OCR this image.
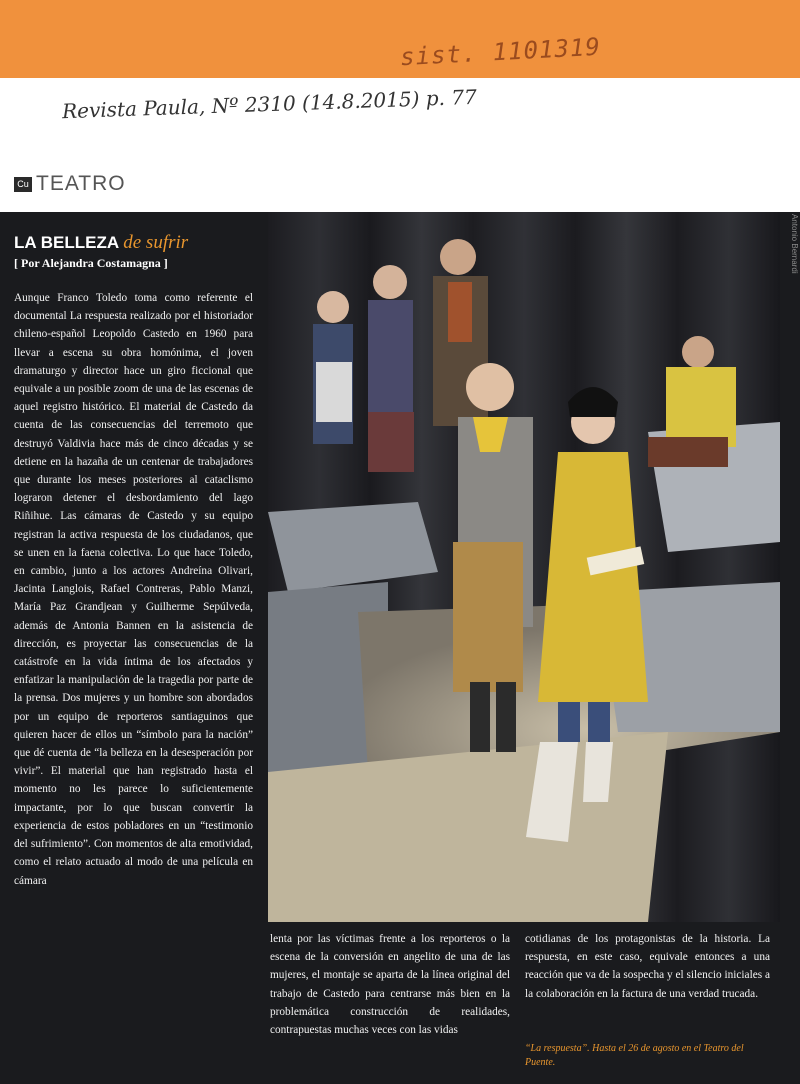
sist. 1101319
Revista Paula, Nº 2310 (14.8.2015) p. 77
Cu TEATRO
Antonio Bernardi
LA BELLEZA de sufrir
[ Por Alejandra Costamagna ]
Aunque Franco Toledo toma como referente el documental La respuesta realizado por el historiador chileno-español Leopoldo Castedo en 1960 para llevar a escena su obra homónima, el joven dramaturgo y director hace un giro ficcional que equivale a un posible zoom de una de las escenas de aquel registro histórico. El material de Castedo da cuenta de las consecuencias del terremoto que destruyó Valdivia hace más de cinco décadas y se detiene en la hazaña de un centenar de trabajadores que durante los meses posteriores al cataclismo lograron detener el desbordamiento del lago Riñihue. Las cámaras de Castedo y su equipo registran la activa respuesta de los ciudadanos, que se unen en la faena colectiva. Lo que hace Toledo, en cambio, junto a los actores Andreína Olivari, Jacinta Langlois, Rafael Contreras, Pablo Manzi, María Paz Grandjean y Guilherme Sepúlveda, además de Antonia Bannen en la asistencia de dirección, es proyectar las consecuencias de la catástrofe en la vida íntima de los afectados y enfatizar la manipulación de la tragedia por parte de la prensa. Dos mujeres y un hombre son abordados por un equipo de reporteros santiaguinos que quieren hacer de ellos un “símbolo para la nación” que dé cuenta de “la belleza en la desesperación por vivir”. El material que han registrado hasta el momento no les parece lo suficientemente impactante, por lo que buscan convertir la experiencia de estos pobladores en un “testimonio del sufrimiento”. Con momentos de alta emotividad, como el relato actuado al modo de una película en cámara
lenta por las víctimas frente a los reporteros o la escena de la conversión en angelito de una de las mujeres, el montaje se aparta de la línea original del trabajo de Castedo para centrarse más bien en la problemática construcción de realidades, contrapuestas muchas veces con las vidas
cotidianas de los protagonistas de la historia. La respuesta, en este caso, equivale entonces a una reacción que va de la sospecha y el silencio iniciales a la colaboración en la factura de una verdad trucada.
“La respuesta”. Hasta el 26 de agosto en el Teatro del Puente.
